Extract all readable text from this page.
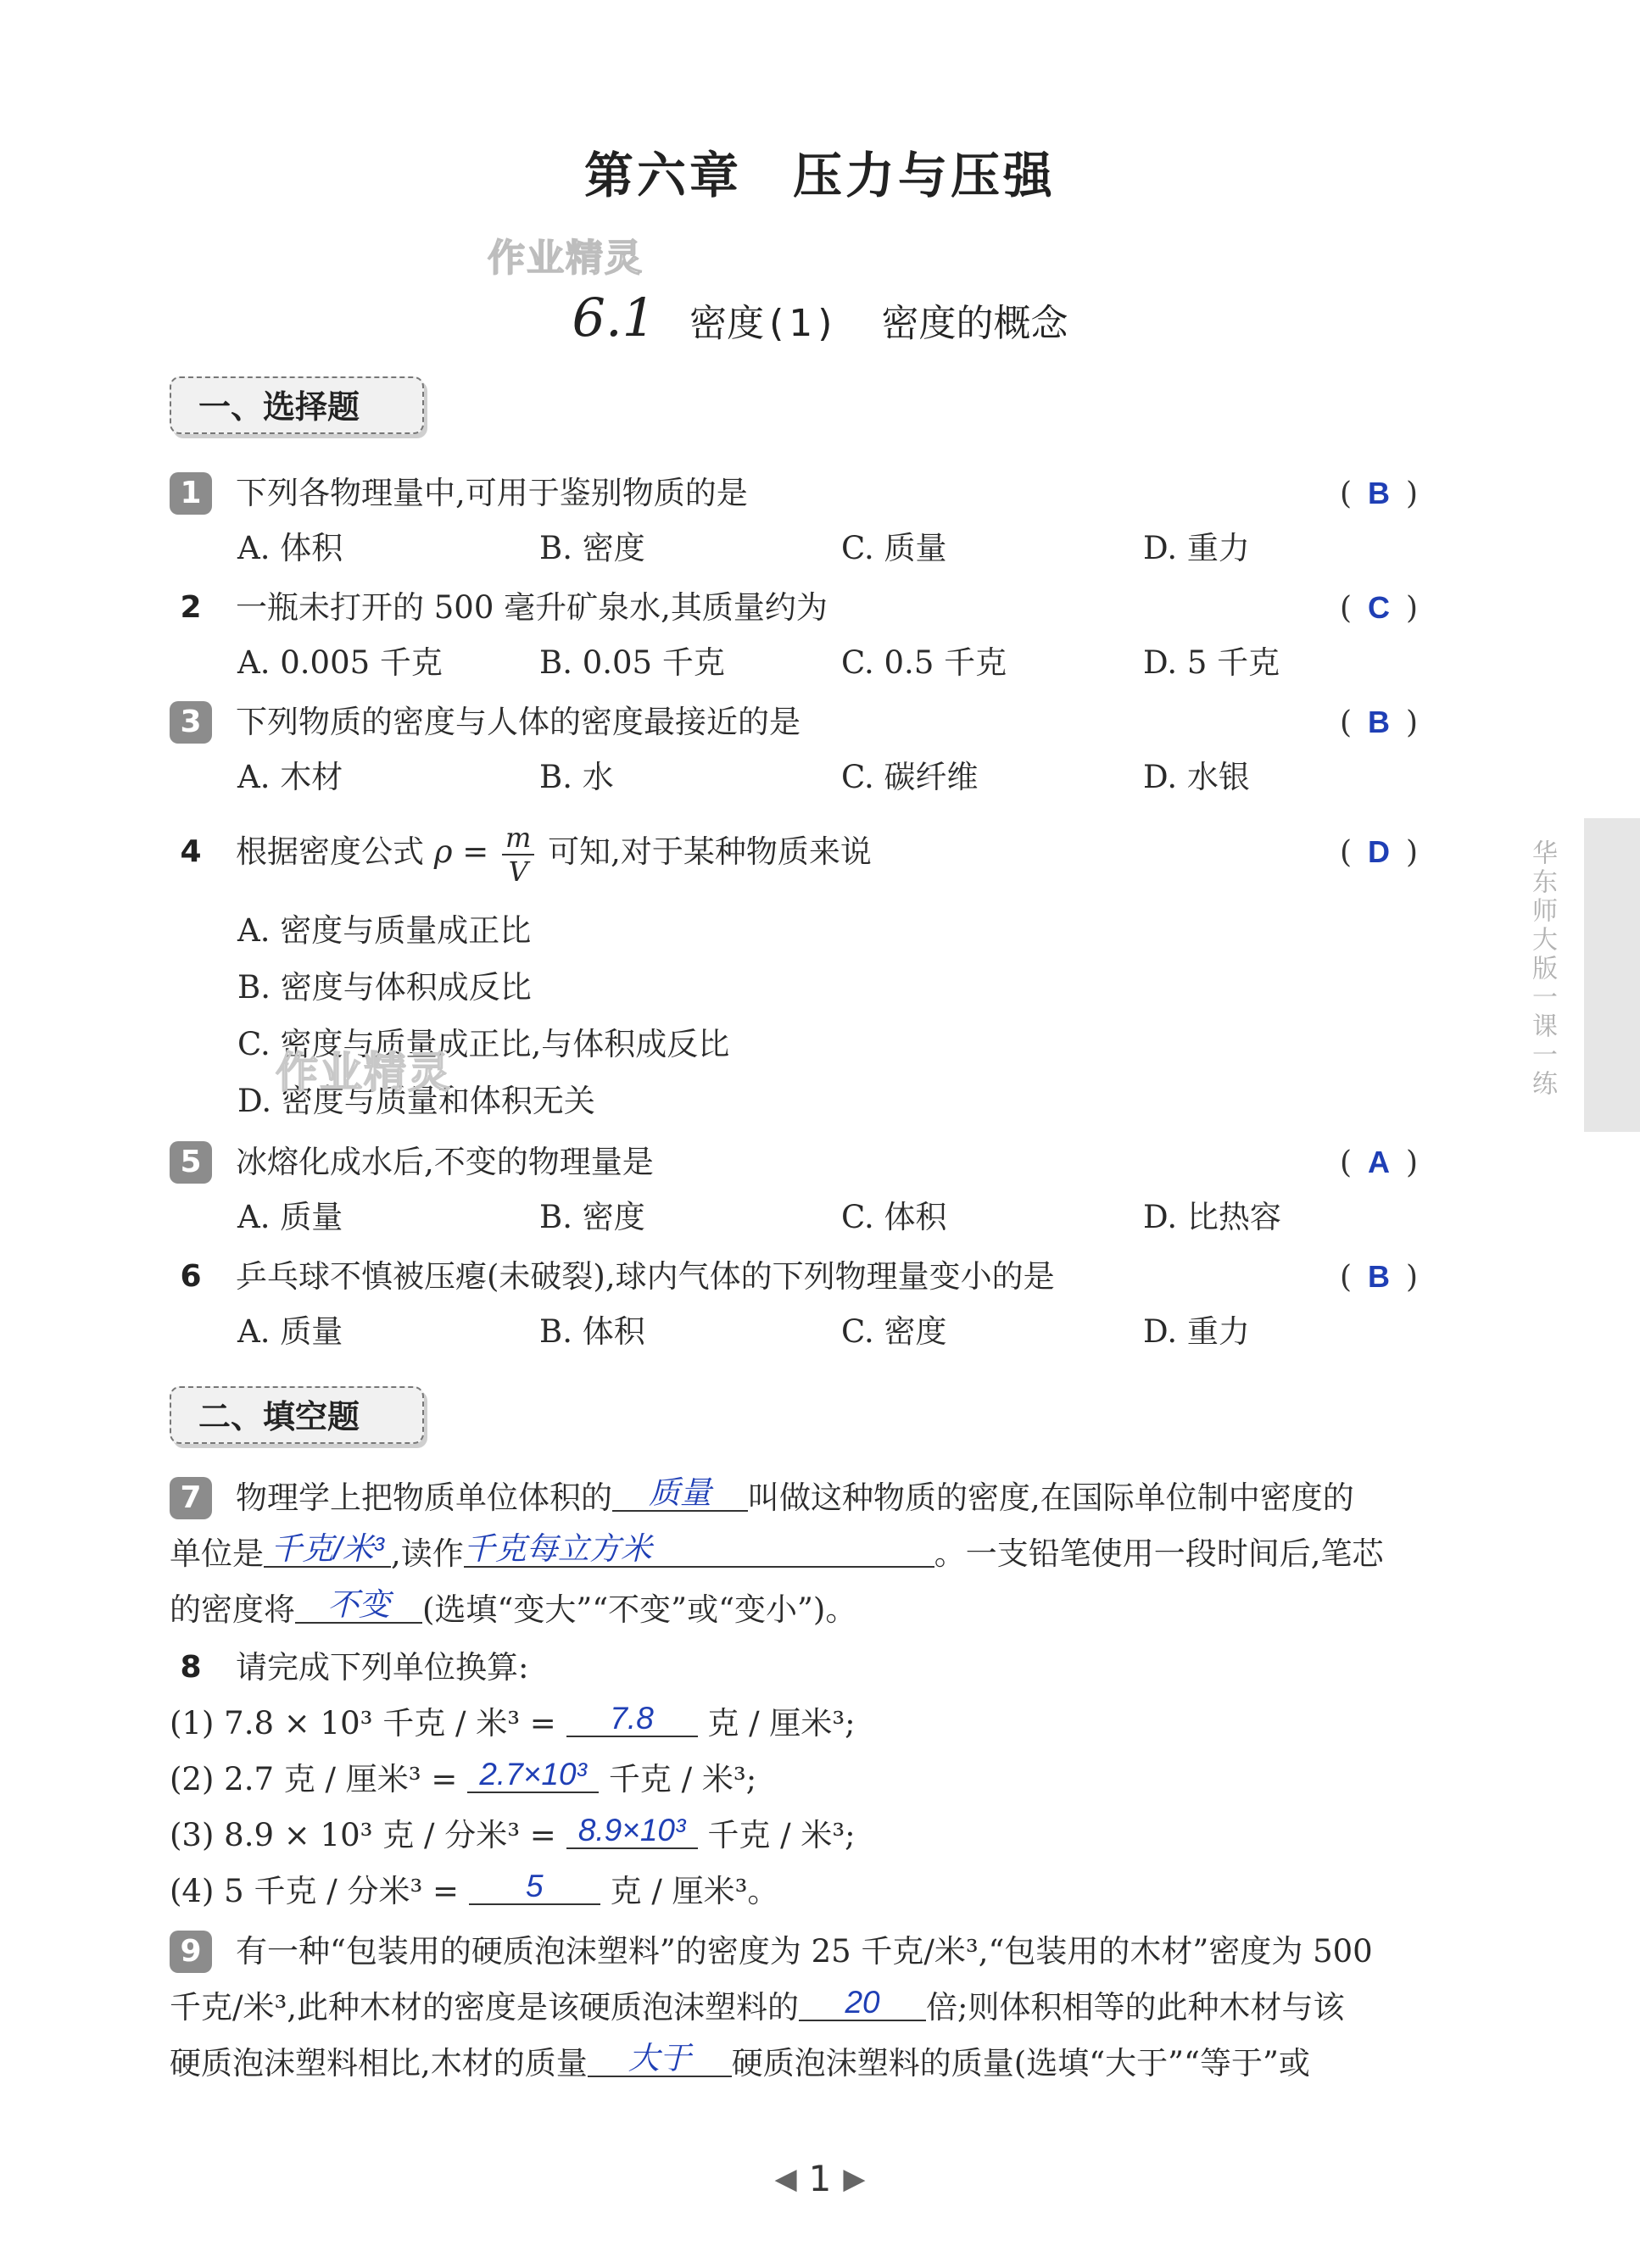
第六章 压力与压强
作业精灵
6.1 密度 ( 1 ) 密度的概念
一、选择题
1	下列各物理量中,可用于鉴别物质的是	( B )
A. 体积	B. 密度	C. 质量	D. 重力
2	一瓶未打开的 500 毫升矿泉水,其质量约为	( C )
A. 0.005 千克	B. 0.05 千克	C. 0.5 千克	D. 5 千克
3	下列物质的密度与人体的密度最接近的是	( B )
A. 木材	B. 水	C. 碳纤维	D. 水银
4	根据密度公式 $\rho = \frac{m}{V}$ 可知,对于某种物质来说	( D )
A. 密度与质量成正比
B. 密度与体积成反比
C. 密度与质量成正比,与体积成反比
D. 密度与质量和体积无关
作业精灵
5	冰熔化成水后,不变的物理量是	( A )
A. 质量	B. 密度	C. 体积	D. 比热容
6	乒乓球不慎被压瘪(未破裂),球内气体的下列物理量变小的是	( B )
A. 质量	B. 体积	C. 密度	D. 重力
二、填空题
7	物理学上把物质单位体积的 质量 叫做这种物质的密度,在国际单位制中密度的
单位是 千克/米³ ,读作千克每立方米	。一支铅笔使用一段时间后,笔芯
的密度将 不变 (选填“变大”“不变”或“变小”)。
8	请完成下列单位换算:
(1) 7.8 × 10³ 千克 / 米³ = 7.8 克 / 厘米³;
(2) 2.7 克 / 厘米³ = 2.7×10³ 千克 / 米³;
(3) 8.9 × 10³ 克 / 分米³ = 8.9×10³ 千克 / 米³;
(4) 5 千克 / 分米³ = 5 克 / 厘米³。
9	有一种“包装用的硬质泡沫塑料”的密度为 25 千克/米³,“包装用的木材”密度为 500
千克/米³,此种木材的密度是该硬质泡沫塑料的 20 倍;则体积相等的此种木材与该
硬质泡沫塑料相比,木材的质量 大于 硬质泡沫塑料的质量(选填“大于”“等于”或
华东师大版一课一练
◀ 1 ▶
